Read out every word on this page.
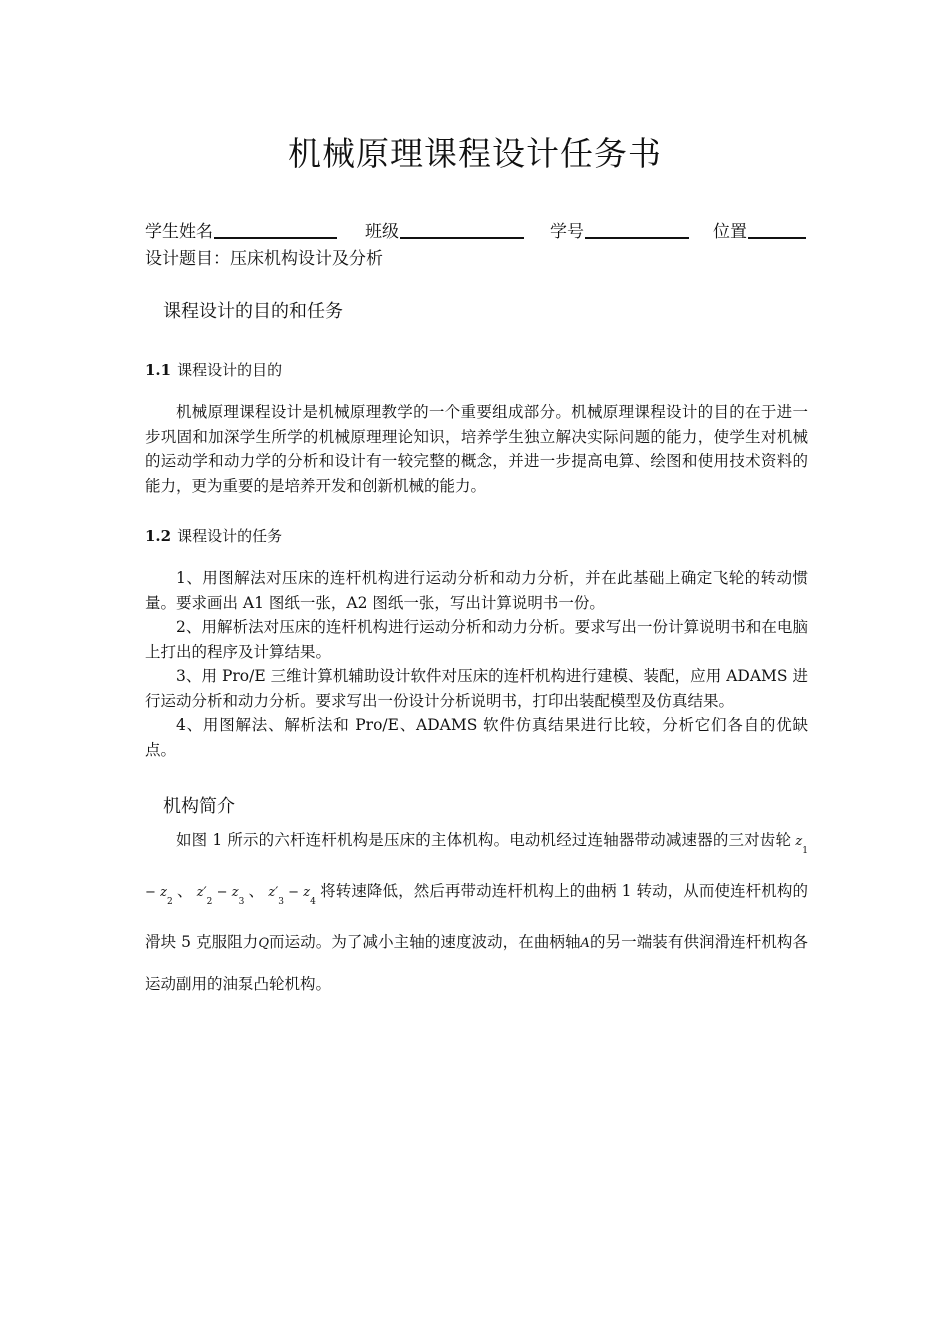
机械原理课程设计任务书
学生姓名	班级	学号	位置
设计题目：压床机构设计及分析
课程设计的目的和任务
1.1 课程设计的目的
机械原理课程设计是机械原理教学的一个重要组成部分。机械原理课程设计的目的在于进一步巩固和加深学生所学的机械原理理论知识，培养学生独立解决实际问题的能力，使学生对机械的运动学和动力学的分析和设计有一较完整的概念，并进一步提高电算、绘图和使用技术资料的能力，更为重要的是培养开发和创新机械的能力。
1.2 课程设计的任务
1、用图解法对压床的连杆机构进行运动分析和动力分析，并在此基础上确定飞轮的转动惯量。要求画出 A1 图纸一张，A2 图纸一张，写出计算说明书一份。
2、用解析法对压床的连杆机构进行运动分析和动力分析。要求写出一份计算说明书和在电脑上打出的程序及计算结果。
3、用 Pro/E 三维计算机辅助设计软件对压床的连杆机构进行建模、装配，应用 ADAMS 进行运动分析和动力分析。要求写出一份设计分析说明书，打印出装配模型及仿真结果。
4、用图解法、解析法和 Pro/E、ADAMS 软件仿真结果进行比较，分析它们各自的优缺点。
机构简介
如图 1 所示的六杆连杆机构是压床的主体机构。电动机经过连轴器带动减速器的三对齿轮 $z_1 - z_2$ 、 $z'_2 - z_3$ 、 $z'_3 - z_4$ 将转速降低，然后再带动连杆机构上的曲柄 1 转动，从而使连杆机构的滑块 5 克服阻力Q而运动。为了减小主轴的速度波动，在曲柄轴A的另一端装有供润滑连杆机构各运动副用的油泵凸轮机构。
